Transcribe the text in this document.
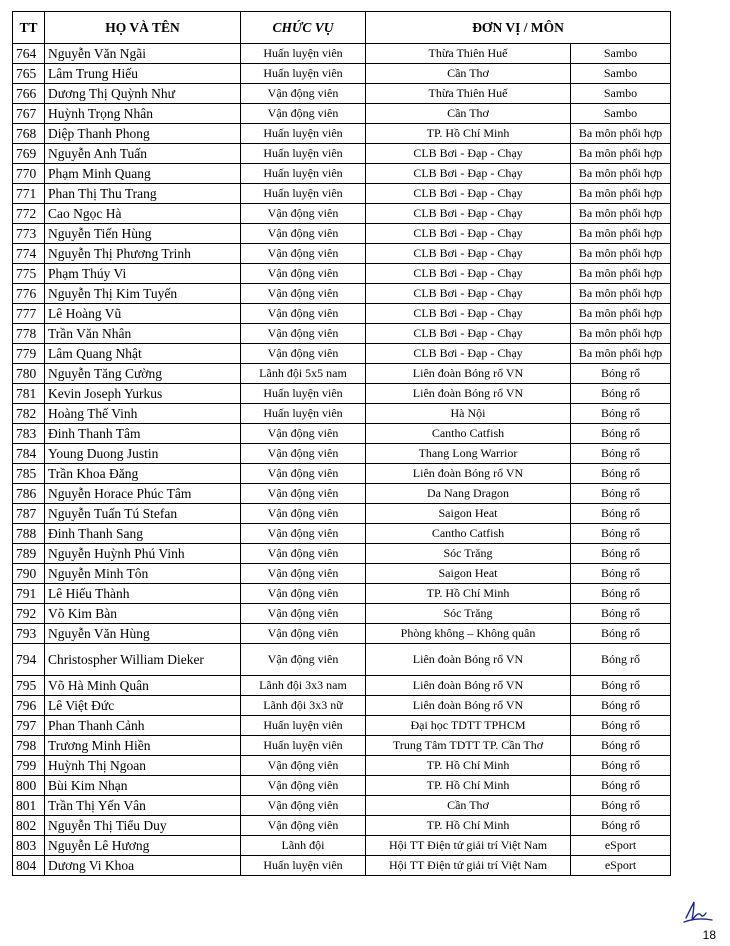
TT	HỌ VÀ TÊN	CHỨC VỤ	ĐƠN VỊ / MÔN	
764	Nguyễn Văn Ngãi	Huấn luyện viên	Thừa Thiên Huế	Sambo
765	Lâm Trung Hiếu	Huấn luyện viên	Cần Thơ	Sambo
766	Dương Thị Quỳnh Như	Vận động viên	Thừa Thiên Huế	Sambo
767	Huỳnh Trọng Nhân	Vận động viên	Cần Thơ	Sambo
768	Diệp Thanh Phong	Huấn luyện viên	TP. Hồ Chí Minh	Ba môn phối hợp
769	Nguyễn Anh Tuấn	Huấn luyện viên	CLB Bơi - Đạp - Chạy	Ba môn phối hợp
770	Phạm Minh Quang	Huấn luyện viên	CLB Bơi - Đạp - Chạy	Ba môn phối hợp
771	Phan Thị Thu Trang	Huấn luyện viên	CLB Bơi - Đạp - Chạy	Ba môn phối hợp
772	Cao Ngọc Hà	Vận động viên	CLB Bơi - Đạp - Chạy	Ba môn phối hợp
773	Nguyễn Tiến Hùng	Vận động viên	CLB Bơi - Đạp - Chạy	Ba môn phối hợp
774	Nguyễn Thị Phương Trinh	Vận động viên	CLB Bơi - Đạp - Chạy	Ba môn phối hợp
775	Phạm Thúy Vi	Vận động viên	CLB Bơi - Đạp - Chạy	Ba môn phối hợp
776	Nguyễn Thị Kim Tuyến	Vận động viên	CLB Bơi - Đạp - Chạy	Ba môn phối hợp
777	Lê Hoàng Vũ	Vận động viên	CLB Bơi - Đạp - Chạy	Ba môn phối hợp
778	Trần Văn Nhân	Vận động viên	CLB Bơi - Đạp - Chạy	Ba môn phối hợp
779	Lâm Quang Nhật	Vận động viên	CLB Bơi - Đạp - Chạy	Ba môn phối hợp
780	Nguyễn Tăng Cường	Lãnh đội 5x5 nam	Liên đoàn Bóng rổ VN	Bóng rổ
781	Kevin Joseph Yurkus	Huấn luyện viên	Liên đoàn Bóng rổ VN	Bóng rổ
782	Hoàng Thế Vinh	Huấn luyện viên	Hà Nội	Bóng rổ
783	Đinh Thanh Tâm	Vận động viên	Cantho Catfish	Bóng rổ
784	Young Duong Justin	Vận động viên	Thang Long Warrior	Bóng rổ
785	Trần Khoa Đăng	Vận động viên	Liên đoàn Bóng rổ VN	Bóng rổ
786	Nguyễn Horace Phúc Tâm	Vận động viên	Da Nang Dragon	Bóng rổ
787	Nguyễn Tuấn Tú Stefan	Vận động viên	Saigon Heat	Bóng rổ
788	Đinh Thanh Sang	Vận động viên	Cantho Catfish	Bóng rổ
789	Nguyễn Huỳnh Phú Vinh	Vận động viên	Sóc Trăng	Bóng rổ
790	Nguyễn Minh Tôn	Vận động viên	Saigon Heat	Bóng rổ
791	Lê Hiếu Thành	Vận động viên	TP. Hồ Chí Minh	Bóng rổ
792	Võ Kim Bàn	Vận động viên	Sóc Trăng	Bóng rổ
793	Nguyễn Văn Hùng	Vận động viên	Phòng không – Không quân	Bóng rổ
794	Christospher William Dieker	Vận động viên	Liên đoàn Bóng rổ VN	Bóng rổ
795	Võ Hà Minh Quân	Lãnh đội 3x3 nam	Liên đoàn Bóng rổ VN	Bóng rổ
796	Lê Việt Đức	Lãnh đội 3x3 nữ	Liên đoàn Bóng rổ VN	Bóng rổ
797	Phan Thanh Cảnh	Huấn luyện viên	Đại học TDTT TPHCM	Bóng rổ
798	Trương Minh Hiền	Huấn luyện viên	Trung Tâm TDTT TP. Cần Thơ	Bóng rổ
799	Huỳnh Thị Ngoan	Vận động viên	TP. Hồ Chí Minh	Bóng rổ
800	Bùi Kim Nhạn	Vận động viên	TP. Hồ Chí Minh	Bóng rổ
801	Trần Thị Yến Vân	Vận động viên	Cần Thơ	Bóng rổ
802	Nguyễn Thị Tiểu Duy	Vận động viên	TP. Hồ Chí Minh	Bóng rổ
803	Nguyễn Lê Hương	Lãnh đội	Hội TT Điện tử giải trí Việt Nam	eSport
804	Dương Vi Khoa	Huấn luyện viên	Hội TT Điện tử giải trí Việt Nam	eSport
18
